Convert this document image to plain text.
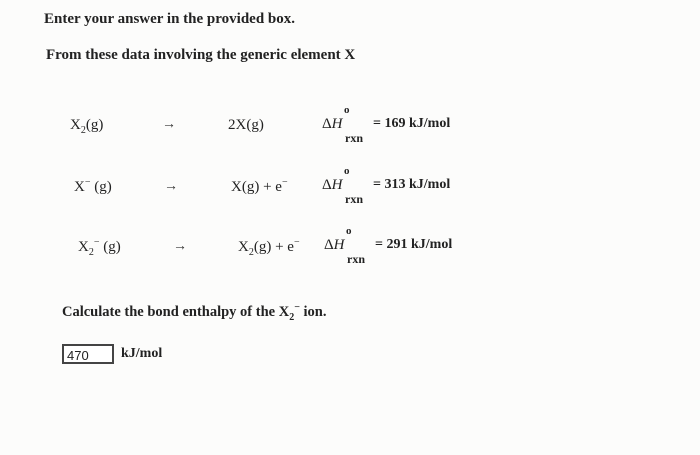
Enter your answer in the provided box.
From these data involving the generic element X
$X_2(g)$	→	2X(g)	ΔH
o
rxn
= 169 kJ/mol
X− (g)	→	X(g) + e− ΔH
o
rxn
= 313 kJ/mol
$X_2^-$ (g)	→	$X_2(g) + e^-$ ΔH
o
rxn
= 291 kJ/mol
Calculate the bond enthalpy of the $X_2^-$ ion.
470
kJ/mol
